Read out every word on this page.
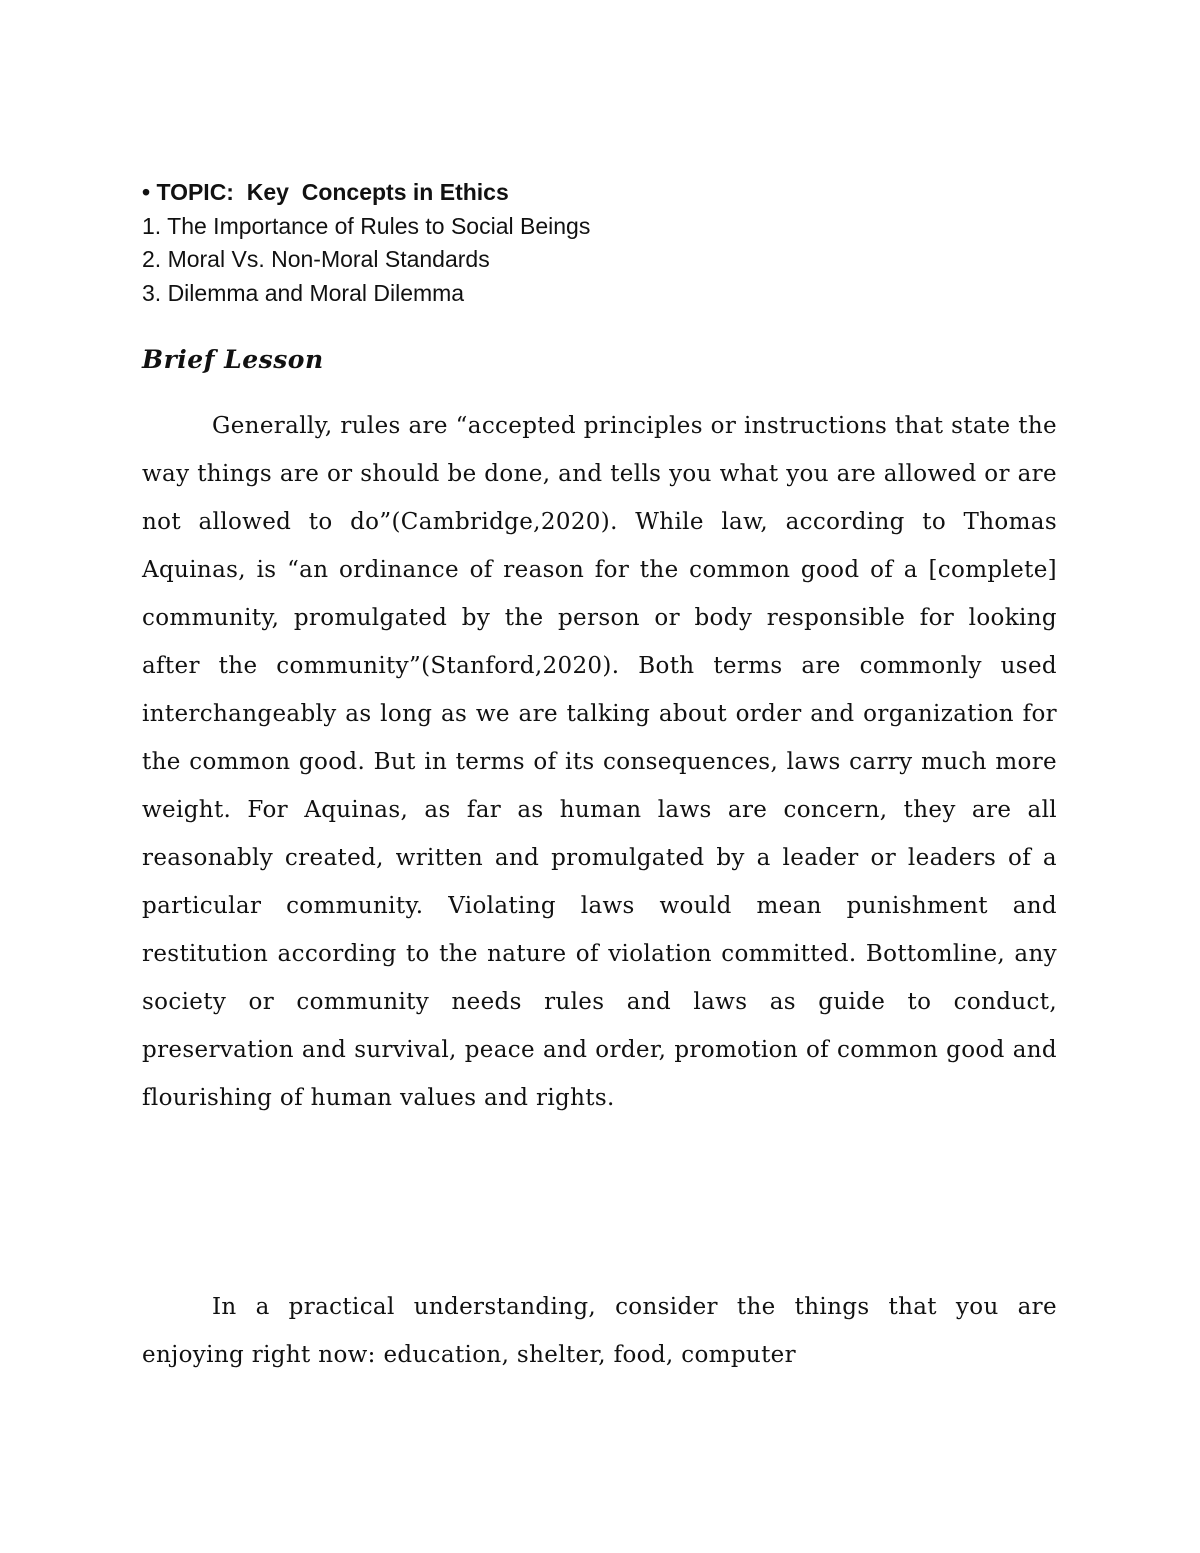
• TOPIC:  Key  Concepts in Ethics
1. The Importance of Rules to Social Beings
2. Moral Vs. Non-Moral Standards
3. Dilemma and Moral Dilemma
Brief Lesson

Generally, rules are “accepted principles or instructions that state the way things are or should be done, and tells you what you are allowed or are not allowed to do”(Cambridge,2020). While law, according to Thomas Aquinas, is “an ordinance of reason for the common good of a [complete] community, promulgated by the person or body responsible for looking after the community”(Stanford,2020). Both terms are commonly used interchangeably as long as we are talking about order and organization for the common good. But in terms of its consequences, laws carry much more weight. For Aquinas, as far as human laws are concern, they are all reasonably created, written and promulgated by a leader or leaders of a particular community. Violating laws would mean punishment and restitution according to the nature of violation committed. Bottomline, any society or community needs rules and laws as guide to conduct, preservation and survival, peace and order, promotion of common good and flourishing of human values and rights.

In a practical understanding, consider the things that you are enjoying right now: education, shelter, food, computer
